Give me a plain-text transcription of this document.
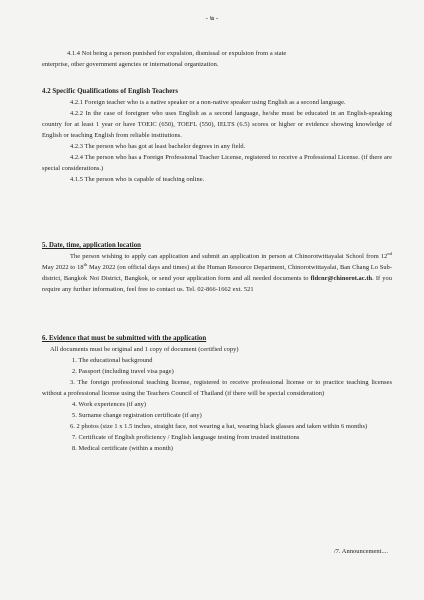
- ๒ -

4.1.4 Not being a person punished for expulsion, dismissal or expulsion from a state

enterprise, other government agencies or international organization.

4.2 Specific Qualifications of English Teachers

4.2.1 Foreign teacher who is a native speaker or a non-native speaker using English as a second language.

4.2.2 In the case of foreigner who uses English as a second language, he/she must be educated in an English-speaking country for at least 1 year or have TOEIC (650), TOEFL (550), IELTS (6.5) scores or higher or evidence showing knowledge of English or teaching English from reliable institutions.

4.2.3 The person who has got at least bachelor degrees in any field.

4.2.4 The person who has a Foreign Professional Teacher License, registered to receive a Professional License. (if there are special considerations.)

4.1.5 The person who is capable of teaching online.

5. Date, time, application location

The person wishing to apply can application and submit an application in person at Chinorotwittayalai School from 12nd May 2022 to 18th May 2022 (on official days and times) at the Human Resource Department, Chinorotwittayalai, Ban Chang Lo Sub-district, Bangkok Noi District, Bangkok, or send your application form and all needed documents to fldcnr@chinorot.ac.th. If you require any further information, feel free to contact us. Tel. 02-866-1662 ext. 521

6. Evidence that must be submitted with the application

All documents must be original and 1 copy of document (certified copy)

1. The educational background

2. Passport (including travel visa page)

3. The foreign professional teaching license, registered to receive professional license or to practice teaching licenses without a professional license using the Teachers Council of Thailand (if there will be special consideration)

4. Work experiences (if any)

5. Surname change registration certificate (if any)

6. 2 photos (size 1 x 1.5 inches, straight face, not wearing a hat, wearing black glasses and taken within 6 months)

7. Certificate of English proficiency / English language testing from trusted institutions

8. Medical certificate (within a month)

/7. Announcement....
